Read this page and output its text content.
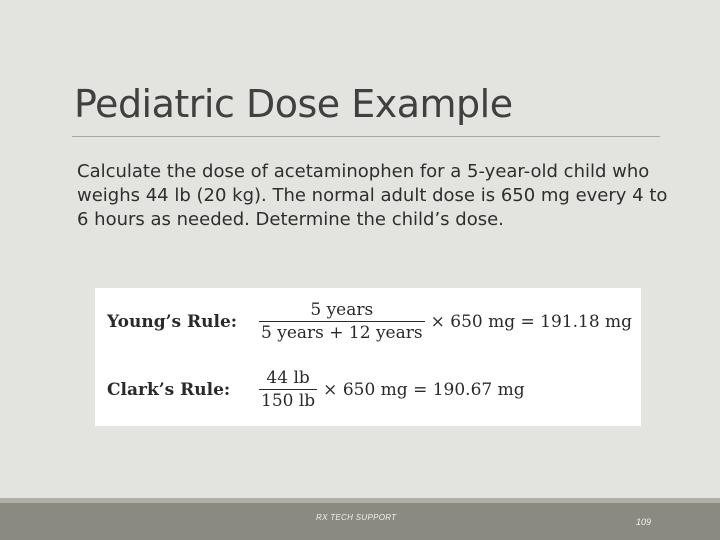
Pediatric Dose Example
Calculate the dose of acetaminophen for a 5-year-old child who weighs 44 lb (20 kg). The normal adult dose is 650 mg every 4 to 6 hours as needed. Determine the child’s dose.
Young’s Rule:	$\frac{\text{5 years}}{\text{5 years + 12 years}} \times 650$ mg = 191.18 mg
Clark’s Rule:	$\frac{44 lb}{150 lb} \times 650$ mg = 190.67 mg
RX TECH SUPPORT	109
